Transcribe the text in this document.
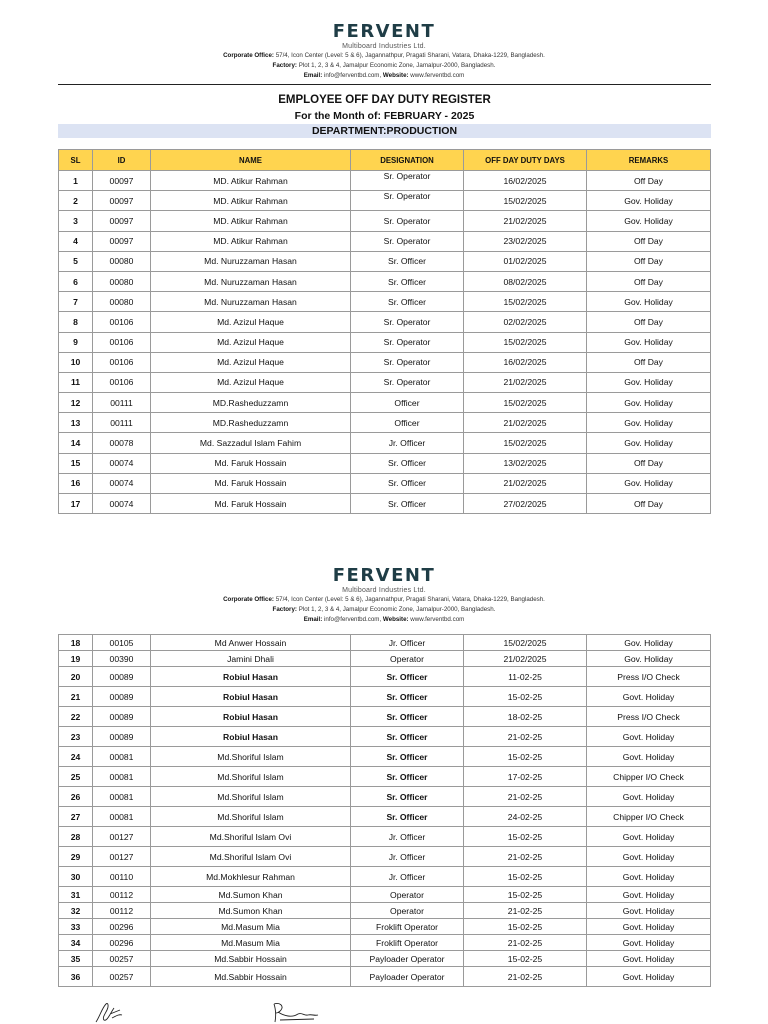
FERVENT
Multiboard Industries Ltd.
Corporate Office: 57/4, Icon Center (Level: 5 & 6), Jagannathpur, Pragati Sharani, Vatara, Dhaka-1229, Bangladesh.
Factory: Plot 1, 2, 3 & 4, Jamalpur Economic Zone, Jamalpur-2000, Bangladesh.
Email: info@ferventbd.com, Website: www.ferventbd.com
EMPLOYEE OFF DAY DUTY REGISTER
For the Month of: FEBRUARY - 2025
DEPARTMENT:PRODUCTION
SL	ID	NAME	DESIGNATION	OFF DAY DUTY DAYS	REMARKS
1	00097	MD. Atikur Rahman	Sr. Operator	16/02/2025	Off Day
2	00097	MD. Atikur Rahman	Sr. Operator	15/02/2025	Gov. Holiday
3	00097	MD. Atikur Rahman	Sr. Operator	21/02/2025	Gov. Holiday
4	00097	MD. Atikur Rahman	Sr. Operator	23/02/2025	Off Day
5	00080	Md. Nuruzzaman Hasan	Sr. Officer	01/02/2025	Off Day
6	00080	Md. Nuruzzaman Hasan	Sr. Officer	08/02/2025	Off Day
7	00080	Md. Nuruzzaman Hasan	Sr. Officer	15/02/2025	Gov. Holiday
8	00106	Md. Azizul Haque	Sr. Operator	02/02/2025	Off Day
9	00106	Md. Azizul Haque	Sr. Operator	15/02/2025	Gov. Holiday
10	00106	Md. Azizul Haque	Sr. Operator	16/02/2025	Off Day
11	00106	Md. Azizul Haque	Sr. Operator	21/02/2025	Gov. Holiday
12	00111	MD.Rasheduzzamn	Officer	15/02/2025	Gov. Holiday
13	00111	MD.Rasheduzzamn	Officer	21/02/2025	Gov. Holiday
14	00078	Md. Sazzadul Islam Fahim	Jr. Officer	15/02/2025	Gov. Holiday
15	00074	Md. Faruk Hossain	Sr. Officer	13/02/2025	Off Day
16	00074	Md. Faruk Hossain	Sr. Officer	21/02/2025	Gov. Holiday
17	00074	Md. Faruk Hossain	Sr. Officer	27/02/2025	Off Day
FERVENT
Multiboard Industries Ltd.
Corporate Office: 57/4, Icon Center (Level: 5 & 6), Jagannathpur, Pragati Sharani, Vatara, Dhaka-1229, Bangladesh.
Factory: Plot 1, 2, 3 & 4, Jamalpur Economic Zone, Jamalpur-2000, Bangladesh.
Email: info@ferventbd.com, Website: www.ferventbd.com
18	00105	Md Anwer Hossain	Jr. Officer	15/02/2025	Gov. Holiday
19	00390	Jamini Dhali	Operator	21/02/2025	Gov. Holiday
20	00089	Robiul Hasan	Sr. Officer	11-02-25	Press I/O Check
21	00089	Robiul Hasan	Sr. Officer	15-02-25	Govt. Holiday
22	00089	Robiul Hasan	Sr. Officer	18-02-25	Press I/O Check
23	00089	Robiul Hasan	Sr. Officer	21-02-25	Govt. Holiday
24	00081	Md.Shoriful Islam	Sr. Officer	15-02-25	Govt. Holiday
25	00081	Md.Shoriful Islam	Sr. Officer	17-02-25	Chipper I/O Check
26	00081	Md.Shoriful Islam	Sr. Officer	21-02-25	Govt. Holiday
27	00081	Md.Shoriful Islam	Sr. Officer	24-02-25	Chipper I/O Check
28	00127	Md.Shoriful Islam Ovi	Jr. Officer	15-02-25	Govt. Holiday
29	00127	Md.Shoriful Islam Ovi	Jr. Officer	21-02-25	Govt. Holiday
30	00110	Md.Mokhlesur Rahman	Jr. Officer	15-02-25	Govt. Holiday
31	00112	Md.Sumon Khan	Operator	15-02-25	Govt. Holiday
32	00112	Md.Sumon Khan	Operator	21-02-25	Govt. Holiday
33	00296	Md.Masum Mia	Froklift Operator	15-02-25	Govt. Holiday
34	00296	Md.Masum Mia	Froklift Operator	21-02-25	Govt. Holiday
35	00257	Md.Sabbir Hossain	Payloader Operator	15-02-25	Govt. Holiday
36	00257	Md.Sabbir Hossain	Payloader Operator	21-02-25	Govt. Holiday
